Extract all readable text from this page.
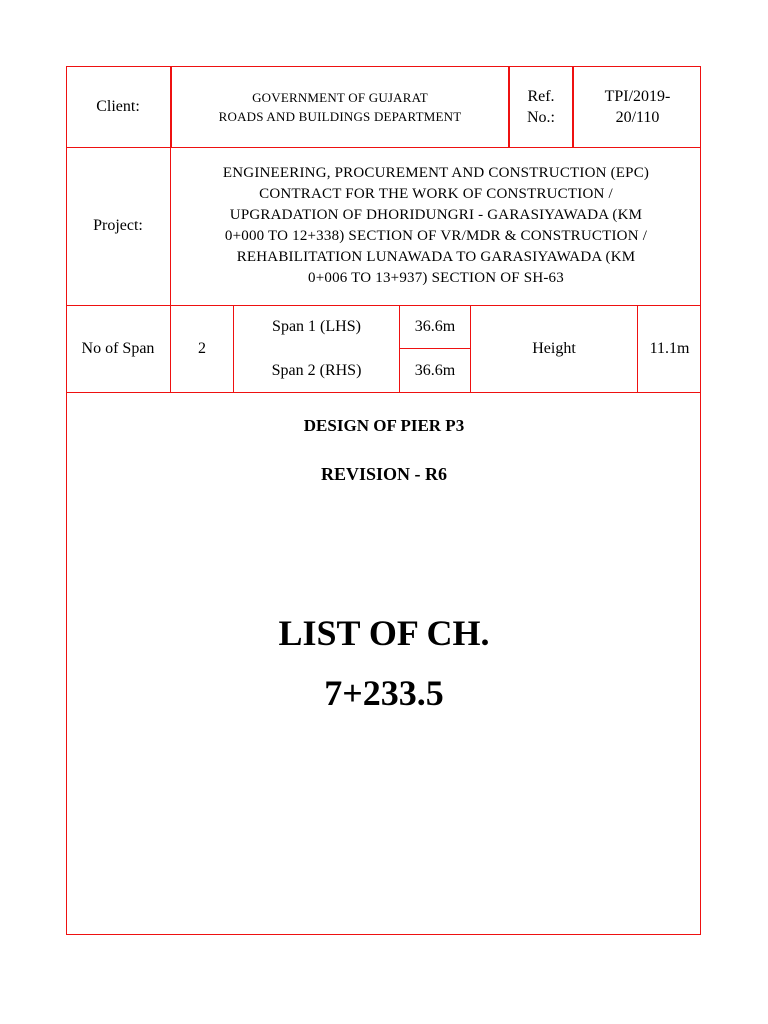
Client:
GOVERNMENT OF GUJARAT
ROADS AND BUILDINGS DEPARTMENT
Ref.
No.:
TPI/2019-
20/110
Project:
ENGINEERING, PROCUREMENT AND CONSTRUCTION (EPC)
CONTRACT FOR THE WORK OF CONSTRUCTION /
UPGRADATION OF DHORIDUNGRI - GARASIYAWADA (KM
0+000 TO 12+338) SECTION OF VR/MDR & CONSTRUCTION /
REHABILITATION LUNAWADA TO GARASIYAWADA (KM
0+006 TO 13+937) SECTION OF SH-63
No of Span	2
Span 1 (LHS)
Span 2 (RHS)
36.6m
36.6m
Height	11.1m
DESIGN OF PIER P3
REVISION - R6
LIST OF CH.
7+233.5
